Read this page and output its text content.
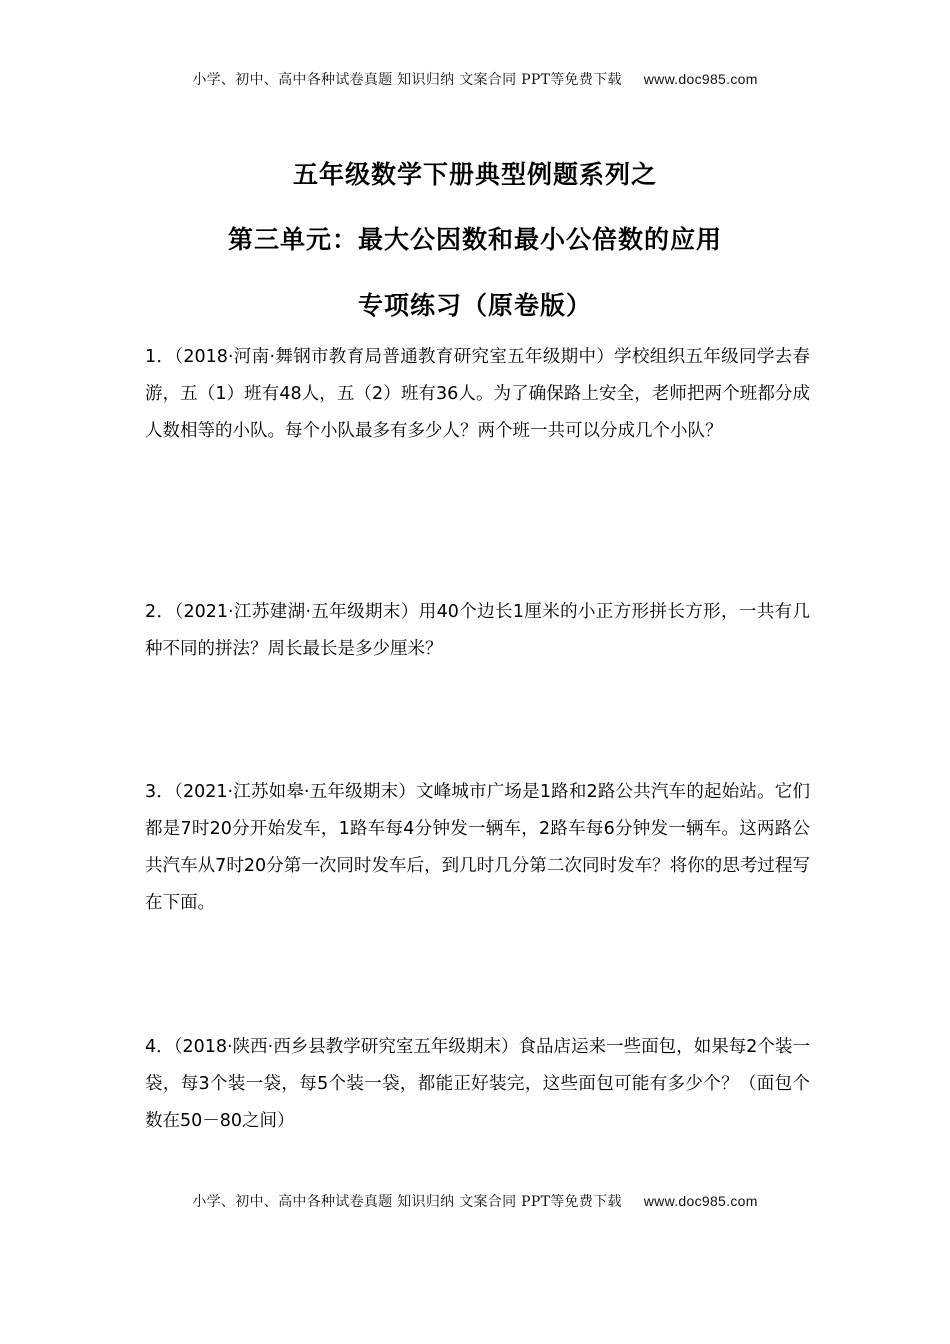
小学、初中、高中各种试卷真题 知识归纳 文案合同 PPT等免费下载 www.doc985.com
五年级数学下册典型例题系列之
第三单元：最大公因数和最小公倍数的应用
专项练习（原卷版）
1．（2018·河南·舞钢市教育局普通教育研究室五年级期中）学校组织五年级同学去春游，五（1）班有48人，五（2）班有36人。为了确保路上安全，老师把两个班都分成人数相等的小队。每个小队最多有多少人？两个班一共可以分成几个小队？
2．（2021·江苏建湖·五年级期末）用40个边长1厘米的小正方形拼长方形，一共有几种不同的拼法？周长最长是多少厘米？
3．（2021·江苏如皋·五年级期末）文峰城市广场是1路和2路公共汽车的起始站。它们都是7时20分开始发车，1路车每4分钟发一辆车，2路车每6分钟发一辆车。这两路公共汽车从7时20分第一次同时发车后，到几时几分第二次同时发车？将你的思考过程写在下面。
4．（2018·陕西·西乡县教学研究室五年级期末）食品店运来一些面包，如果每2个装一袋，每3个装一袋，每5个装一袋，都能正好装完，这些面包可能有多少个？（面包个数在50－80之间）
小学、初中、高中各种试卷真题 知识归纳 文案合同 PPT等免费下载 www.doc985.com
